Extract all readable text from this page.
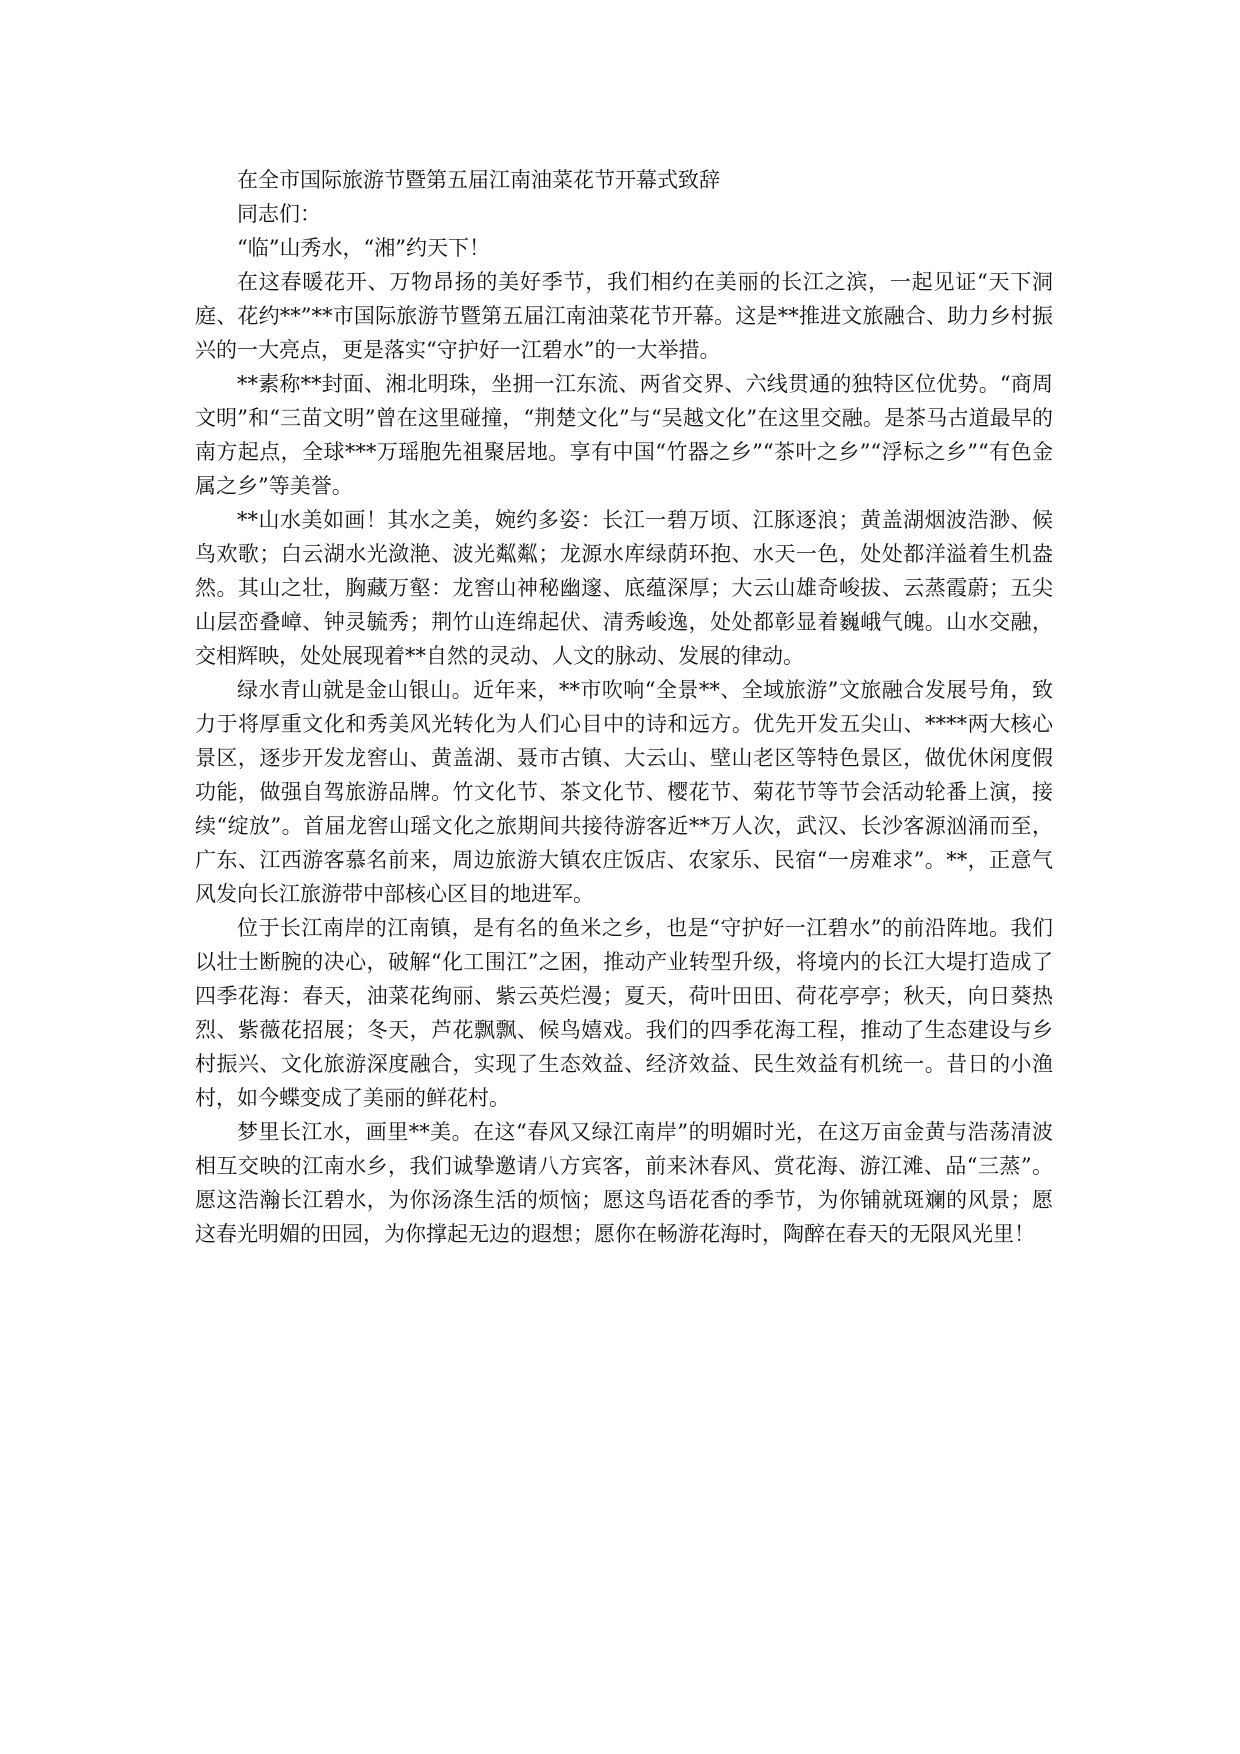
在全市国际旅游节暨第五届江南油菜花节开幕式致辞

同志们：

“临”山秀水，“湘”约天下！

在这春暖花开、万物昂扬的美好季节，我们相约在美丽的长江之滨，一起见证“天下洞庭、花约**”**市国际旅游节暨第五届江南油菜花节开幕。这是**推进文旅融合、助力乡村振兴的一大亮点，更是落实“守护好一江碧水”的一大举措。

**素称**封面、湘北明珠，坐拥一江东流、两省交界、六线贯通的独特区位优势。“商周文明”和“三苗文明”曾在这里碰撞，“荆楚文化”与“吴越文化”在这里交融。是茶马古道最早的南方起点，全球***万瑶胞先祖聚居地。享有中国“竹器之乡”“茶叶之乡”“浮标之乡”“有色金属之乡”等美誉。

**山水美如画！其水之美，婉约多姿：长江一碧万顷、江豚逐浪；黄盖湖烟波浩渺、候鸟欢歌；白云湖水光潋滟、波光粼粼；龙源水库绿荫环抱、水天一色，处处都洋溢着生机盎然。其山之壮，胸藏万壑：龙窖山神秘幽邃、底蕴深厚；大云山雄奇峻拔、云蒸霞蔚；五尖山层峦叠嶂、钟灵毓秀；荆竹山连绵起伏、清秀峻逸，处处都彰显着巍峨气魄。山水交融，交相辉映，处处展现着**自然的灵动、人文的脉动、发展的律动。

绿水青山就是金山银山。近年来，**市吹响“全景**、全域旅游”文旅融合发展号角，致力于将厚重文化和秀美风光转化为人们心目中的诗和远方。优先开发五尖山、****两大核心景区，逐步开发龙窖山、黄盖湖、聂市古镇、大云山、壁山老区等特色景区，做优休闲度假功能，做强自驾旅游品牌。竹文化节、茶文化节、樱花节、菊花节等节会活动轮番上演，接续“绽放”。首届龙窖山瑶文化之旅期间共接待游客近**万人次，武汉、长沙客源汹涌而至，广东、江西游客慕名前来，周边旅游大镇农庄饭店、农家乐、民宿“一房难求”。**，正意气风发向长江旅游带中部核心区目的地进军。

位于长江南岸的江南镇，是有名的鱼米之乡，也是“守护好一江碧水”的前沿阵地。我们以壮士断腕的决心，破解“化工围江”之困，推动产业转型升级，将境内的长江大堤打造成了四季花海：春天，油菜花绚丽、紫云英烂漫；夏天，荷叶田田、荷花亭亭；秋天，向日葵热烈、紫薇花招展；冬天，芦花飘飘、候鸟嬉戏。我们的四季花海工程，推动了生态建设与乡村振兴、文化旅游深度融合，实现了生态效益、经济效益、民生效益有机统一。昔日的小渔村，如今蝶变成了美丽的鲜花村。

梦里长江水，画里**美。在这“春风又绿江南岸”的明媚时光，在这万亩金黄与浩荡清波相互交映的江南水乡，我们诚挚邀请八方宾客，前来沐春风、赏花海、游江滩、品“三蒸”。愿这浩瀚长江碧水，为你汤涤生活的烦恼；愿这鸟语花香的季节，为你铺就斑斓的风景；愿这春光明媚的田园，为你撑起无边的遐想；愿你在畅游花海时，陶醉在春天的无限风光里！
